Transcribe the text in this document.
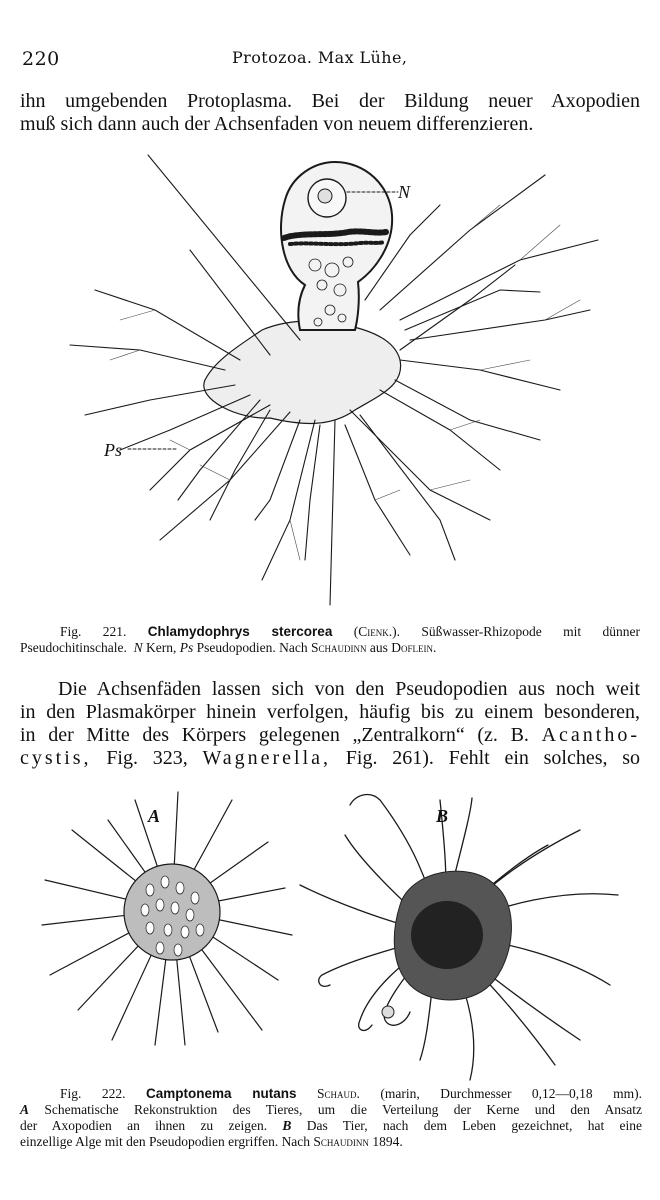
220	Protozoa. Max Lühe,
ihn umgebenden Protoplasma. Bei der Bildung neuer Axopodien
muß sich dann auch der Achsenfaden von neuem differenzieren.
N
Ps
A	B
Fig. 221. Chlamydophrys stercorea (Cienk.). Süßwasser-Rhizopode mit dünner
Pseudochitinschale. N Kern, Ps Pseudopodien. Nach Schaudinn aus Doflein.
Die Achsenfäden lassen sich von den Pseudopodien aus noch weit
in den Plasmakörper hinein verfolgen, häufig bis zu einem besonderen,
in der Mitte des Körpers gelegenen „Zentralkorn“ (z. B. Acantho-
cystis, Fig. 323, Wagnerella, Fig. 261). Fehlt ein solches, so
Fig. 222. Camptonema nutans Schaud. (marin, Durchmesser 0,12—0,18 mm).
A Schematische Rekonstruktion des Tieres, um die Verteilung der Kerne und den Ansatz
der Axopodien an ihnen zu zeigen. B Das Tier, nach dem Leben gezeichnet, hat eine
einzellige Alge mit den Pseudopodien ergriffen. Nach Schaudinn 1894.
